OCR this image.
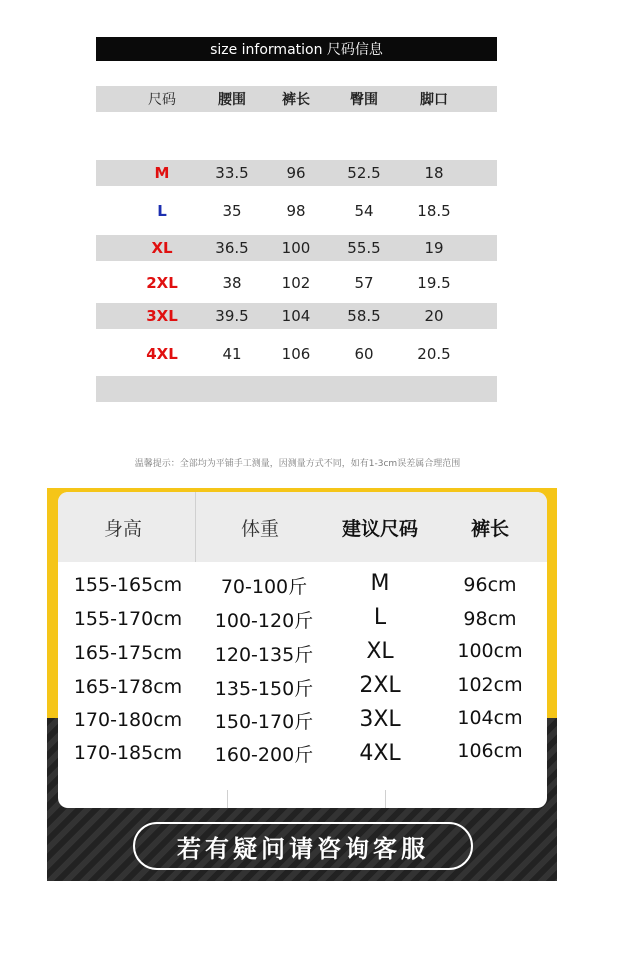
size information 尺码信息
尺码	腰围	裤长	臀围	脚口
M	33.5	96	52.5	18
L	35	98	54	18.5
XL	36.5	100	55.5	19
2XL	38	102	57	19.5
3XL	39.5	104	58.5	20
4XL	41	106	60	20.5
温馨提示：全部均为平铺手工测量，因测量方式不同，如有1-3cm误差属合理范围
身高	体重	建议尺码	裤长
155-165cm	70-100斤	M	96cm
155-170cm	100-120斤	L	98cm
165-175cm	120-135斤	XL	100cm
165-178cm	135-150斤	2XL	102cm
170-180cm	150-170斤	3XL	104cm
170-185cm	160-200斤	4XL	106cm
若有疑问请咨询客服
